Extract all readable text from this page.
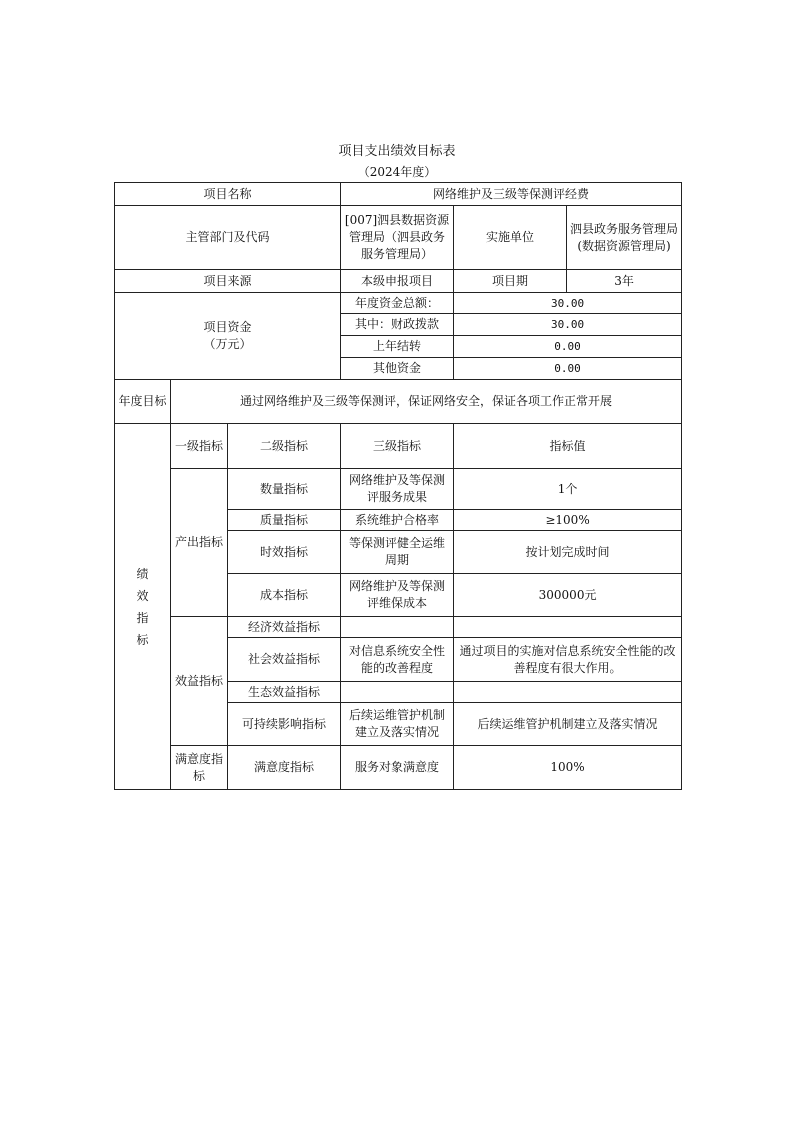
项目支出绩效目标表
（2024年度）
项目名称			网络维护及三级等保测评经费		
主管部门及代码			[007]泗县数据资源管理局（泗县政务服务管理局）	实施单位	泗县政务服务管理局(数据资源管理局)
项目来源			本级申报项目	项目期	3年

项目资金
（万元）			年度资金总额：	30.00	
			其中：财政拨款	30.00	
			上年结转	0.00	
			其他资金	0.00	
年度目标	通过网络维护及三级等保测评，保证网络安全，保证各项工作正常开展				

绩
效
指
标	一级指标	二级指标	三级指标	指标值	
	产出指标	数量指标	网络维护及等保测评服务成果	1个	
		质量指标	系统维护合格率	≥100%	
		时效指标	等保测评健全运维周期	按计划完成时间	
		成本指标	网络维护及等保测评维保成本	300000元	
	效益指标	经济效益指标			
		社会效益指标	对信息系统安全性能的改善程度	通过项目的实施对信息系统安全性能的改善程度有很大作用。	
		生态效益指标			
		可持续影响指标	后续运维管护机制建立及落实情况	后续运维管护机制建立及落实情况	
	满意度指标	满意度指标	服务对象满意度	100%	
